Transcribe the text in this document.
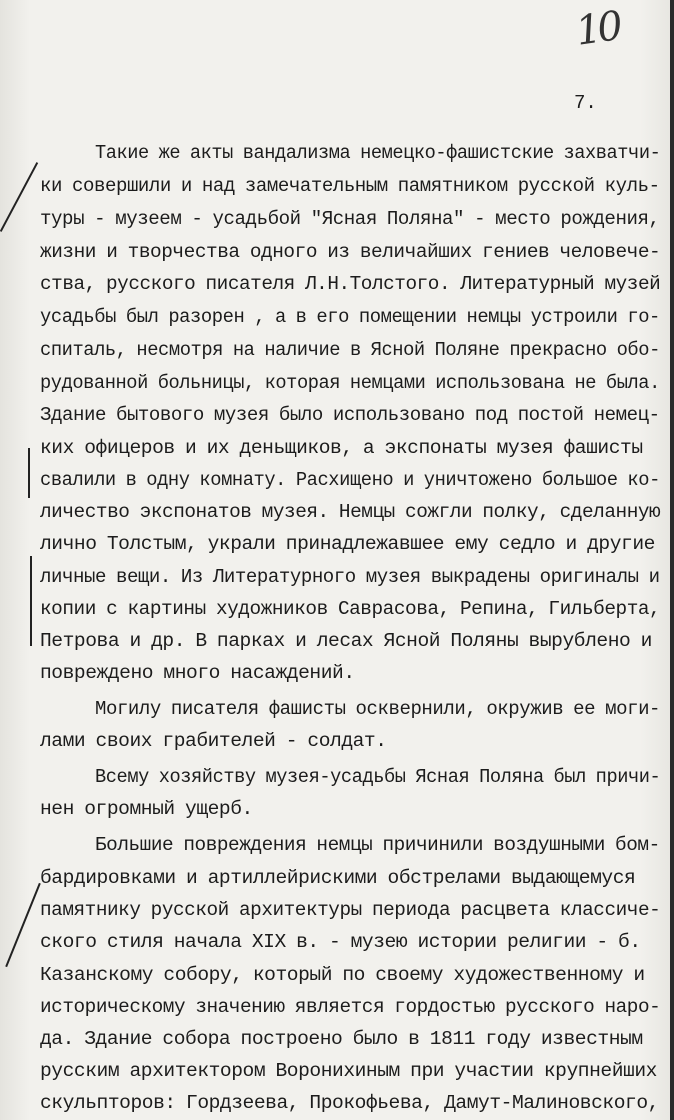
10
7.
Такие же акты вандализма немецко-фашистские захватчи-
ки совершили и над замечательным памятником русской куль-
туры - музеем - усадьбой "Ясная Поляна" - место рождения,
жизни и творчества одного из величайших гениев человече-
ства, русского писателя Л.Н.Толстого. Литературный музей
усадьбы был разорен , а в его помещении немцы устроили го-
спиталь, несмотря на наличие в Ясной Поляне прекрасно обо-
рудованной больницы, которая немцами использована не была.
Здание бытового музея было использовано под постой немец-
ких офицеров и их деньщиков, а экспонаты музея фашисты
свалили в одну комнату. Расхищено и уничтожено большое ко-
личество экспонатов музея. Немцы сожгли полку, сделанную
лично Толстым, украли принадлежавшее ему седло и другие
личные вещи. Из Литературного музея выкрадены оригиналы и
копии с картины художников Саврасова, Репина, Гильберта,
Петрова и др. В парках и лесах Ясной Поляны вырублено и
повреждено много насаждений.
Могилу писателя фашисты осквернили, окружив ее моги-
лами своих грабителей - солдат.
Всему хозяйству музея-усадьбы Ясная Поляна был причи-
нен огромный ущерб.
Большие повреждения немцы причинили воздушными бом-
бардировками и артиллейрискими обстрелами выдающемуся
памятнику русской архитектуры периода расцвета классиче-
ского стиля начала XIX в. - музею истории религии - б.
Казанскому собору, который по своему художественному и
историческому значению является гордостью русского наро-
да. Здание собора построено было в 1811 году известным
русским архитектором Воронихиным при участии крупнейших
скульпторов: Гордзеева, Прокофьева, Дамут-Малиновского,
